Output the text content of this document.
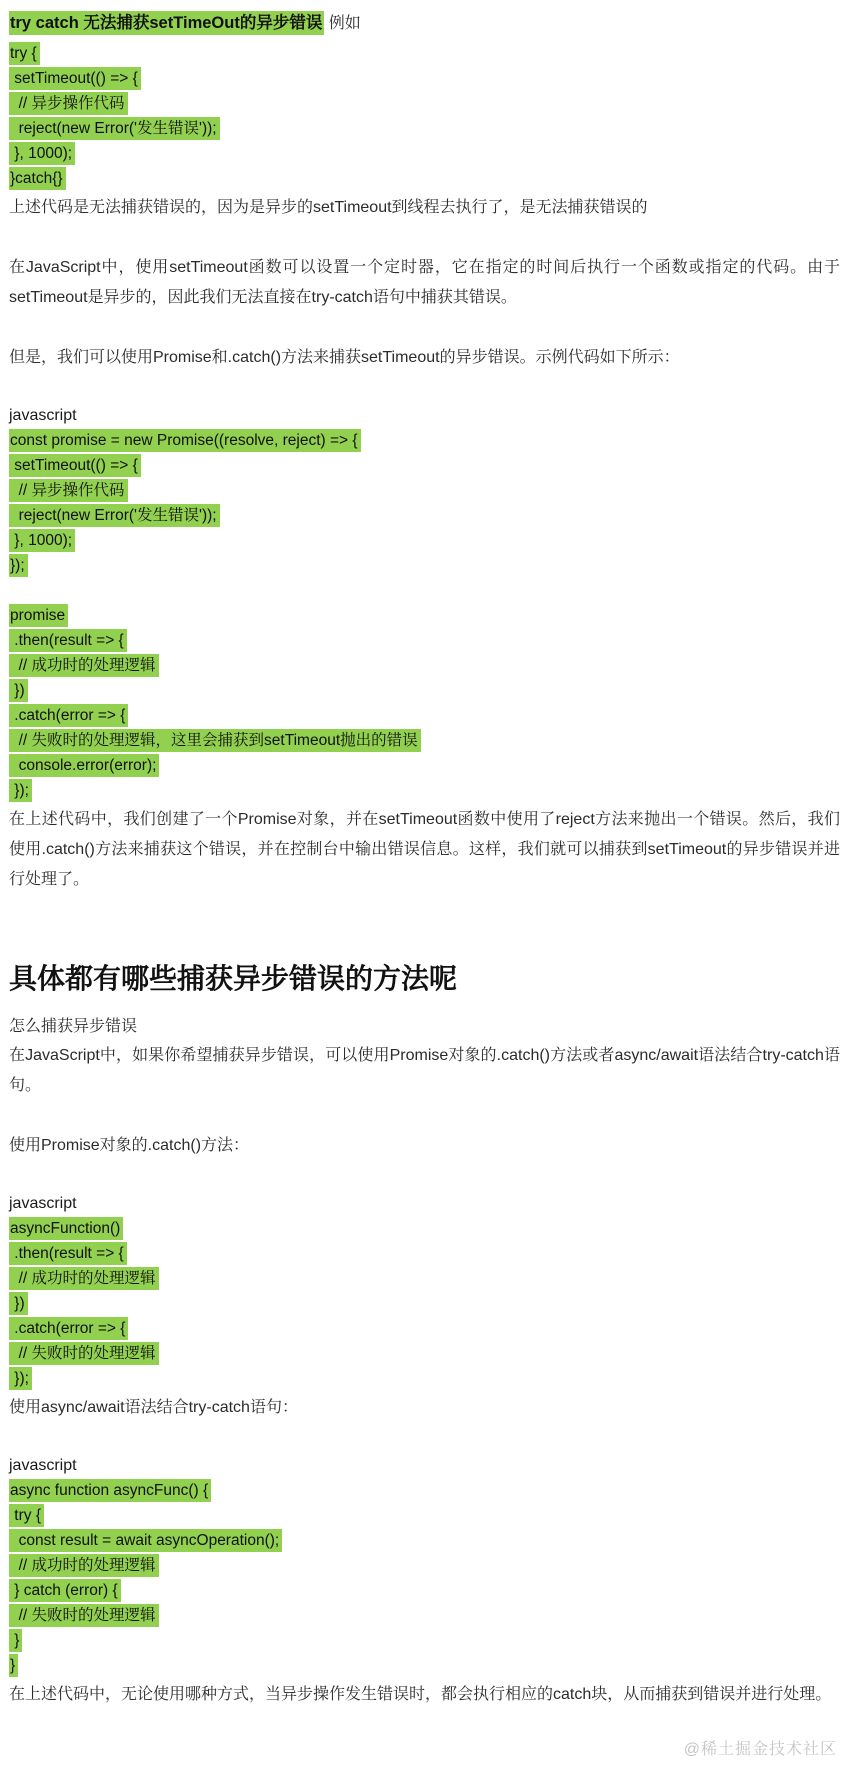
try catch 无法捕获setTimeOut的异步错误 例如
try {
setTimeout(() => {
// 异步操作代码
reject(new Error('发生错误'));
}, 1000);
}catch{}

上述代码是无法捕获错误的，因为是异步的setTimeout到线程去执行了，是无法捕获错误的

在JavaScript中，使用setTimeout函数可以设置一个定时器，它在指定的时间后执行一个函数或指定的代码。由于setTimeout是异步的，因此我们无法直接在try-catch语句中捕获其错误。

但是，我们可以使用Promise和.catch()方法来捕获setTimeout的异步错误。示例代码如下所示：

javascript
const promise = new Promise((resolve, reject) => {
setTimeout(() => {
// 异步操作代码
reject(new Error('发生错误'));
}, 1000);
});

promise
.then(result => {
// 成功时的处理逻辑
})
.catch(error => {
// 失败时的处理逻辑，这里会捕获到setTimeout抛出的错误
console.error(error);
});

在上述代码中，我们创建了一个Promise对象，并在setTimeout函数中使用了reject方法来抛出一个错误。然后，我们使用.catch()方法来捕获这个错误，并在控制台中输出错误信息。这样，我们就可以捕获到setTimeout的异步错误并进行处理了。

具体都有哪些捕获异步错误的方法呢
怎么捕获异步错误

在JavaScript中，如果你希望捕获异步错误，可以使用Promise对象的.catch()方法或者async/await语法结合try-catch语句。

使用Promise对象的.catch()方法：

javascript
asyncFunction()
.then(result => {
// 成功时的处理逻辑
})
.catch(error => {
// 失败时的处理逻辑
});

使用async/await语法结合try-catch语句：

javascript
async function asyncFunc() {
try {
const result = await asyncOperation();
// 成功时的处理逻辑
} catch (error) {
// 失败时的处理逻辑
}
}

在上述代码中，无论使用哪种方式，当异步操作发生错误时，都会执行相应的catch块，从而捕获到错误并进行处理。

@稀土掘金技术社区
